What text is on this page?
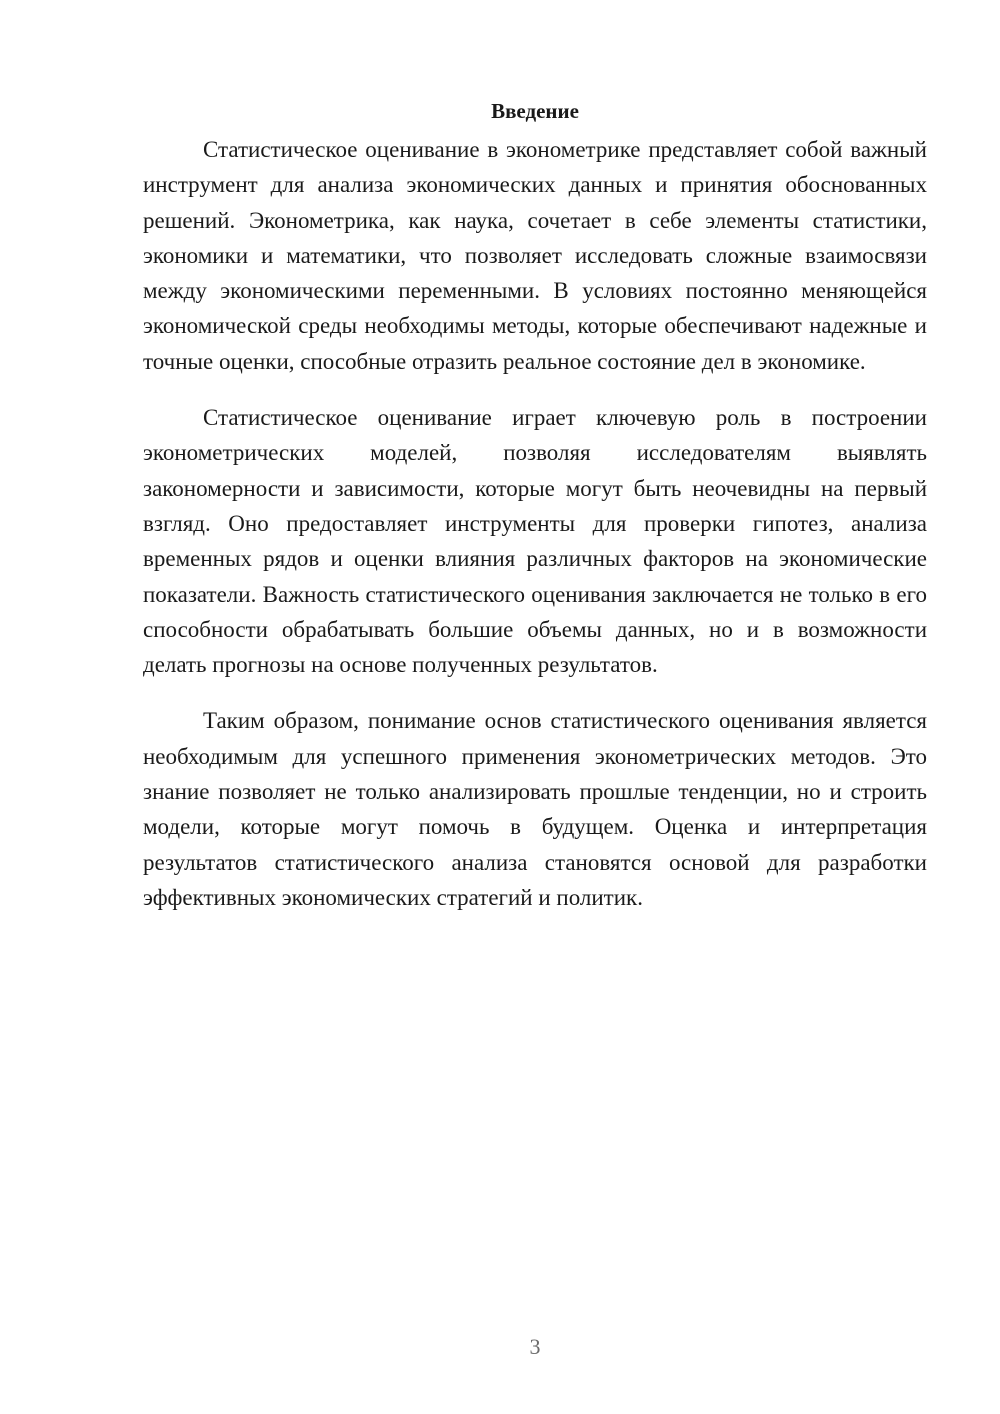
Введение

Статистическое оценивание в эконометрике представляет собой важный инструмент для анализа экономических данных и принятия обоснованных решений. Эконометрика, как наука, сочетает в себе элементы статистики, экономики и математики, что позволяет исследовать сложные взаимосвязи между экономическими переменными. В условиях постоянно меняющейся экономической среды необходимы методы, которые обеспечивают надежные и точные оценки, способные отразить реальное состояние дел в экономике.

Статистическое оценивание играет ключевую роль в построении эконометрических моделей, позволяя исследователям выявлять закономерности и зависимости, которые могут быть неочевидны на первый взгляд. Оно предоставляет инструменты для проверки гипотез, анализа временных рядов и оценки влияния различных факторов на экономические показатели. Важность статистического оценивания заключается не только в его способности обрабатывать большие объемы данных, но и в возможности делать прогнозы на основе полученных результатов.

Таким образом, понимание основ статистического оценивания является необходимым для успешного применения эконометрических методов. Это знание позволяет не только анализировать прошлые тенденции, но и строить модели, которые могут помочь в будущем. Оценка и интерпретация результатов статистического анализа становятся основой для разработки эффективных экономических стратегий и политик.

3
